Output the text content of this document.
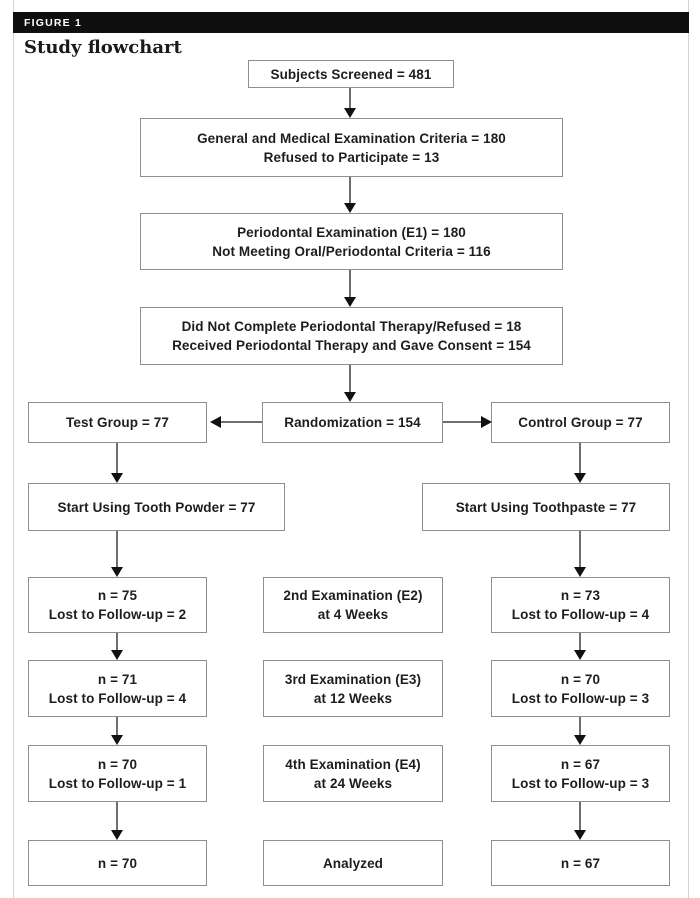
FIGURE 1
Study flowchart
Subjects Screened = 481
General and Medical Examination Criteria = 180
Refused to Participate = 13
Periodontal Examination (E1) = 180
Not Meeting Oral/Periodontal Criteria = 116
Did Not Complete Periodontal Therapy/Refused = 18
Received Periodontal Therapy and Gave Consent = 154
Test Group = 77	Randomization = 154	Control Group = 77
Start Using Tooth Powder = 77	Start Using Toothpaste = 77
n = 75
Lost to Follow-up = 2
2nd Examination (E2)
at 4 Weeks
n = 73
Lost to Follow-up = 4
n = 71
Lost to Follow-up = 4
3rd Examination (E3)
at 12 Weeks
n = 70
Lost to Follow-up = 3
n = 70
Lost to Follow-up = 1
4th Examination (E4)
at 24 Weeks
n = 67
Lost to Follow-up = 3
n = 70	Analyzed	n = 67
